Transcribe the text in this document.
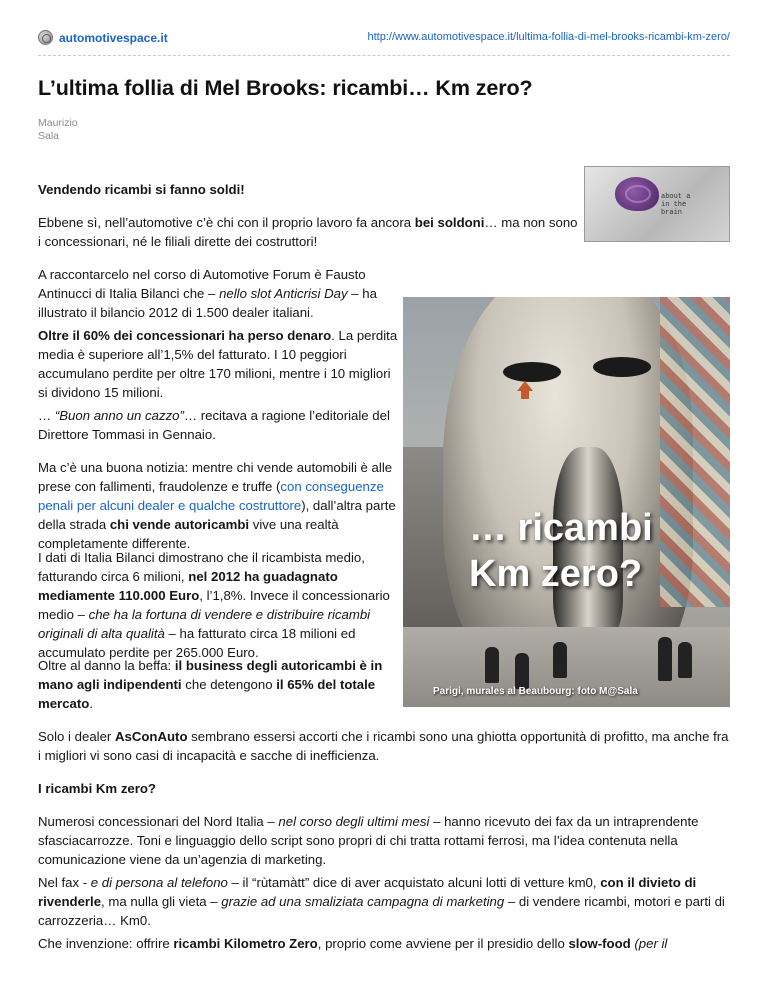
automotivespace.it	http://www.automotivespace.it/lultima-follia-di-mel-brooks-ricambi-km-zero/
L’ultima follia di Mel Brooks: ricambi… Km zero?
Maurizio
Sala
about a
in the
brain
Vendendo ricambi si fanno soldi!
Ebbene sì, nell’automotive c’è chi con il proprio lavoro fa ancora bei soldoni… ma non sono i concessionari, né le filiali dirette dei costruttori!
A raccontarcelo nel corso di Automotive Forum è Fausto Antinucci di Italia Bilanci che – nello slot Anticrisi Day – ha illustrato il bilancio 2012 di 1.500 dealer italiani.
Oltre il 60% dei concessionari ha perso denaro. La perdita media è superiore all’1,5% del fatturato. I 10 peggiori accumulano perdite per oltre 170 milioni, mentre i 10 migliori si dividono 15 milioni.
… “Buon anno un cazzo”… recitava a ragione l’editoriale del Direttore Tommasi in Gennaio.
Ma c’è una buona notizia: mentre chi vende automobili è alle prese con fallimenti, fraudolenze e truffe (con conseguenze penali per alcuni dealer e qualche costruttore), dall’altra parte della strada chi vende autoricambi vive una realtà completamente differente.
I dati di Italia Bilanci dimostrano che il ricambista medio, fatturando circa 6 milioni, nel 2012 ha guadagnato mediamente 110.000 Euro, l’1,8%. Invece il concessionario medio – che ha la fortuna di vendere e distribuire ricambi originali di alta qualità – ha fatturato circa 18 milioni ed accumulato perdite per 265.000 Euro.
Oltre al danno la beffa: il business degli autoricambi è in mano agli indipendenti che detengono il 65% del totale mercato.
… ricambi
Km zero?
Parigi, murales al Beaubourg: foto M@Sala
Solo i dealer AsConAuto sembrano essersi accorti che i ricambi sono una ghiotta opportunità di profitto, ma anche fra i migliori vi sono casi di incapacità e sacche di inefficienza.
I ricambi Km zero?
Numerosi concessionari del Nord Italia – nel corso degli ultimi mesi – hanno ricevuto dei fax da un intraprendente sfasciacarrozze. Toni e linguaggio dello script sono propri di chi tratta rottami ferrosi, ma l’idea contenuta nella comunicazione viene da un’agenzia di marketing.
Nel fax - e di persona al telefono – il “rùtamàtt” dice di aver acquistato alcuni lotti di vetture km0, con il divieto di rivenderle, ma nulla gli vieta – grazie ad una smaliziata campagna di marketing – di vendere ricambi, motori e parti di carrozzeria… Km0.
Che invenzione: offrire ricambi Kilometro Zero, proprio come avviene per il presidio dello slow-food (per il
